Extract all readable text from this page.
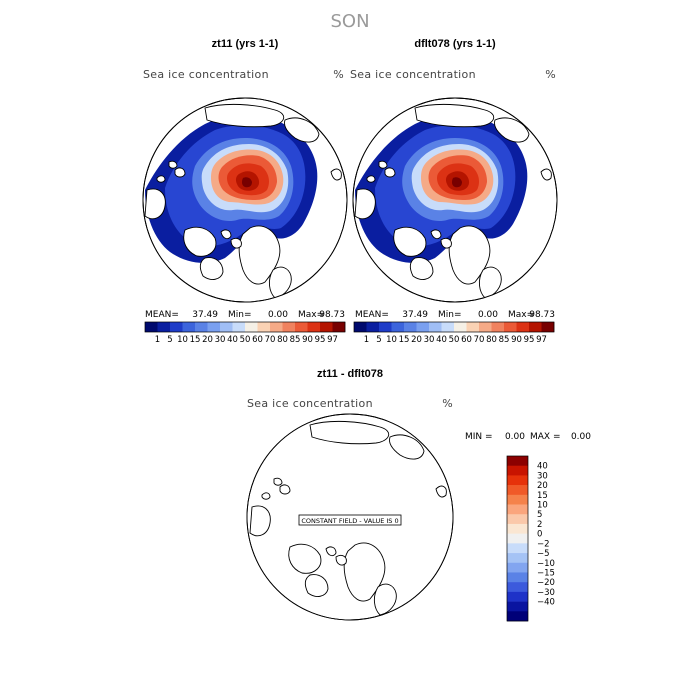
SON
zt11 (yrs 1-1)
Sea ice concentration	%
MEAN= 37.49 Min= 0.00 Max=
98.73
1 5 10 15 20 30 40 50 60 70 80 85 90 95 97
dflt078 (yrs 1-1)
Sea ice concentration	%
MEAN= 37.49 Min= 0.00 Max=
98.73
1 5 10 15 20 30 40 50 60 70 80 85 90 95 97
zt11 - dflt078
Sea ice concentration	%
CONSTANT FIELD - VALUE IS 0
MIN = 0.00 MAX = 0.00
40
30
20
15
10
5
2
0
−2
−5
−10
−15
−20
−30
−40
